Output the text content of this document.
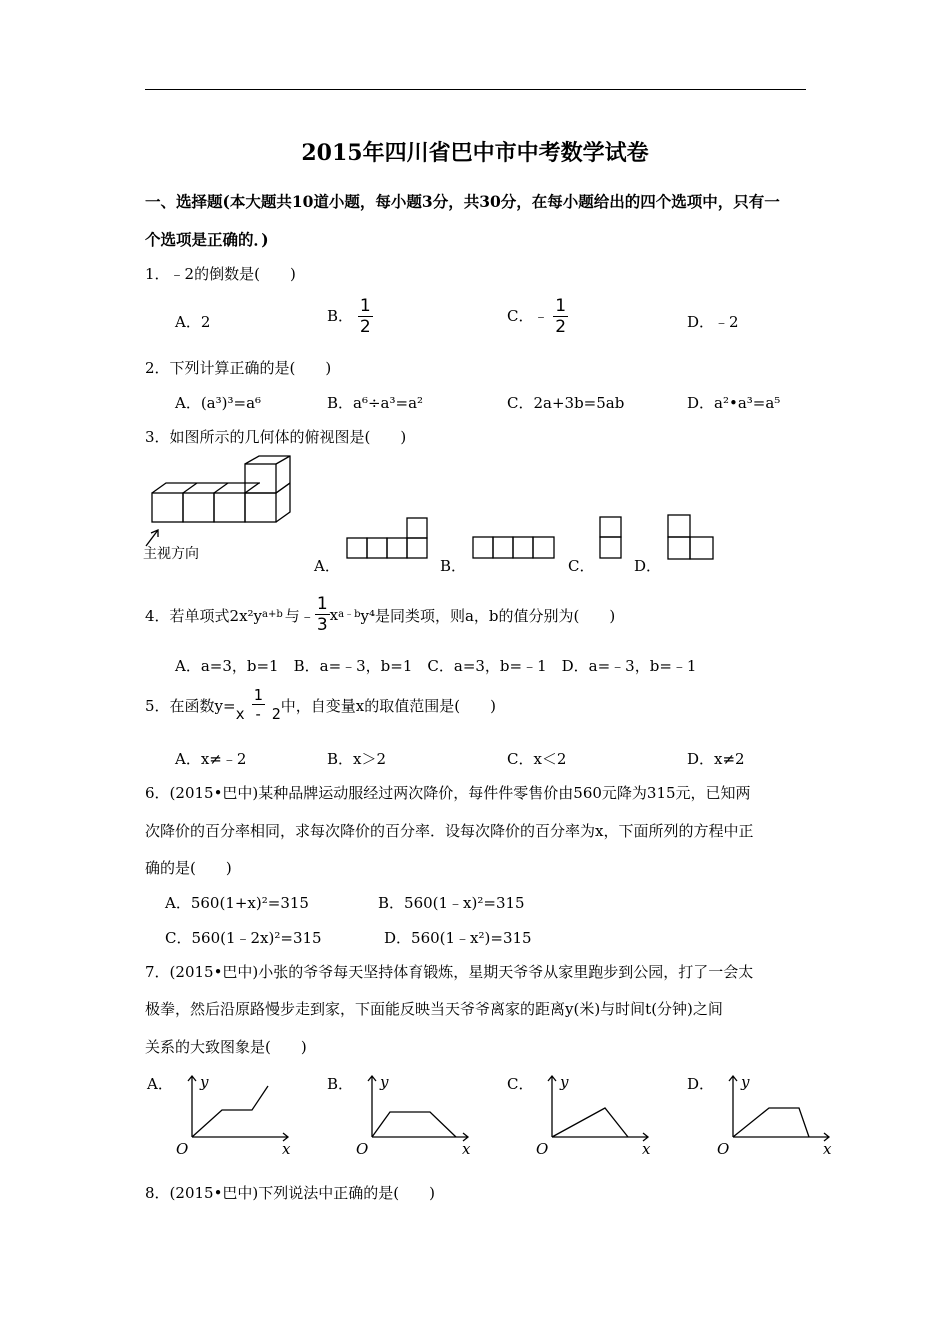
2015年四川省巴中市中考数学试卷
一、选择题(本大题共10道小题，每小题3分，共30分，在每小题给出的四个选项中，只有一
个选项是正确的．)
1．﹣2的倒数是(　　)
A．2	B． $\frac{1}{2}$	C．﹣ $\frac{1}{2}$	D．﹣2
2．下列计算正确的是(　　)
A．(a³)³=a⁶	B．a⁶÷a³=a²	C．2a+3b=5ab	D．a²•a³=a⁵
3．如图所示的几何体的俯视图是(　　)
主视方向
A．	B．	C．	D．
4．若单项式2x²y a+b 与﹣ $\frac{1}{3}$ x a﹣b y⁴是同类项，则a，b的值分别为(　　)
A．a=3，b=1　B．a=﹣3，b=1　C．a=3，b=﹣1　D．a=﹣3，b=﹣1
5．在函数$y= \frac{1}{x - 2}$ 中，自变量x的取值范围是(　　)
A．x≠﹣2	B．x＞2	C．x＜2	D．x≠2
6．(2015•巴中)某种品牌运动服经过两次降价，每件件零售价由560元降为315元，已知两
次降价的百分率相同，求每次降价的百分率．设每次降价的百分率为x，下面所列的方程中正
确的是(　　)
A．560(1+x)²=315	B．560(1﹣x)²=315
C．560(1﹣2x)²=315	D．560(1﹣x²)=315
7．(2015•巴中)小张的爷爷每天坚持体育锻炼，星期天爷爷从家里跑步到公园，打了一会太
极拳，然后沿原路慢步走到家，下面能反映当天爷爷离家的距离y(米)与时间t(分钟)之间
关系的大致图象是(　　)
A． y
x
O
B． y
x
O
C． y
x
O
D． y
x
O
8．(2015•巴中)下列说法中正确的是(　　)
